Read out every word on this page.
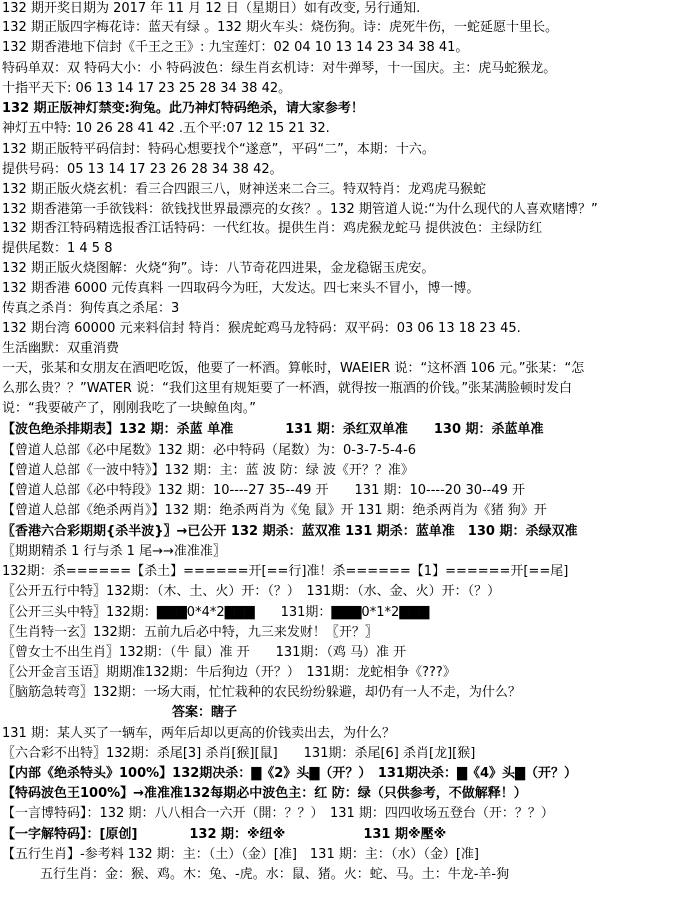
132 期开奖日期为 2017 年 11 月 12 日（星期日）如有改变, 另行通知.
132 期正版四字梅花诗：蓝天有绿 。132 期火车头：烧伤狗。诗：虎死牛伤，一蛇延愿十里长。
132 期香港地下信封《千王之王》: 九宝莲灯：02 04 10 13 14 23 34 38 41。
特码单双：双 特码大小：小 特码波色：绿生肖玄机诗：对牛弹琴，十一国庆。主：虎马蛇猴龙。
十指平天下: 06 13 14 17 23 25 28 34 38 42。
132 期正版神灯禁变:狗兔。此乃神灯特码绝杀，请大家参考！
神灯五中特: 10 26 28 41 42 .五个平:07 12 15 21 32.
132 期正版特平码信封：特码心想要找个“遂意”，平码“二”，本期：十六。
提供号码：05 13 14 17 23 26 28 34 38 42。
132 期正版火烧玄机：看三合四跟三八，财神送来二合三。特双特肖：龙鸡虎马猴蛇
132 期香港第一手欲钱料：欲钱找世界最漂亮的女孩？。132 期管道人说:“为什么现代的人喜欢赌博？”
132 期香江特码精选报香江话特码：一代红妆。提供生肖：鸡虎猴龙蛇马 提供波色：主绿防红
提供尾数：1 4 5 8
132 期正版火烧图解：火烧“狗”。诗：八节奇花四进果，金龙稳锯玉虎安。
132 期香港 6000 元传真料 一四取码今为旺，大发达。四七来头不冒小，博一博。
传真之杀肖：狗传真之杀尾：3
132 期台湾 60000 元来料信封 特肖：猴虎蛇鸡马龙特码：双平码：03 06 13 18 23 45.
生活幽默：双重消费
一天，张某和女朋友在酒吧吃饭，他要了一杯酒。算帐时，WAEIER 说：“这杯酒 106 元。”张某：“怎
么那么贵？？”WATER 说：“我们这里有规矩要了一杯酒，就得按一瓶酒的价钱。”张某满脸顿时发白
说：“我要破产了，刚刚我吃了一块鲸鱼肉。”
【波色绝杀排期表】132 期：杀蓝 单准　　　　131 期：杀红双单准　　130 期：杀蓝单准
【曾道人总部《必中尾数》132 期：必中特码（尾数）为：0-3-7-5-4-6
【曾道人总部《一波中特》】132 期：主：蓝 波 防：绿 波《开？？准》
【曾道人总部《必中特段》132 期：10----27 35--49 开　　131 期：10----20 30--49 开
【曾道人总部《绝杀两肖》】132 期：绝杀两肖为《兔 鼠》开 131 期：绝杀两肖为《猪 狗》开
〖香港六合彩期期{杀半波}〗→已公开 132 期杀：蓝双准 131 期杀：蓝单准　130 期：杀绿双准
〖期期精杀 1 行与杀 1 尾→→准准准〗
132期：杀======【杀土】======开[==行]准！杀======【1】======开[==尾]
〖公开五行中特〗132期：（木、土、火）开：（？）　131期：（水、金、火）开：（？）
〖公开三头中特〗132期：▇▇▇0*4*2▇▇▇　　131期：▇▇▇0*1*2▇▇▇
〖生肖特一玄〗132期：五前九后必中特，九三来发财！〖开？〗
〖曾女士不出生肖〗132期：（牛 鼠）准 开　　131期：（鸡 马）准 开
〖公开金言玉语〗期期准132期：牛后狗边（开？）　131期：龙蛇相争《???》
〖脑筋急转弯〗132期：一场大雨，忙忙栽种的农民纷纷躲避，却仍有一人不走，为什么？
答案：瞎子
131 期：某人买了一辆车，两年后却以更高的价钱卖出去，为什么？
〖六合彩不出特〗132期：杀尾[3] 杀肖[猴][鼠]　　131期：杀尾[6] 杀肖[龙][猴]
【内部《绝杀特头》100%】132期决杀：▇《2》头▇（开？）　131期决杀：▇《4》头▇（开？）
【特码波色王100%】→准准准132每期必中波色主：红 防：绿（只供参考，不做解释！）
【一言博特码】：132 期：八八相合一六开（開：？？）　131 期：四四收场五登台（开：？？）
【一字解特码】：[原创]　　　　132 期：※纽※　　　　　　131 期※壓※
【五行生肖】-参考料 132 期：主：（土）（金）[准]　131 期：主：（水）（金）[准]
五行生肖：金：猴、鸡。木：兔、-虎。水：鼠、猪。火：蛇、马。土：牛龙-羊-狗
